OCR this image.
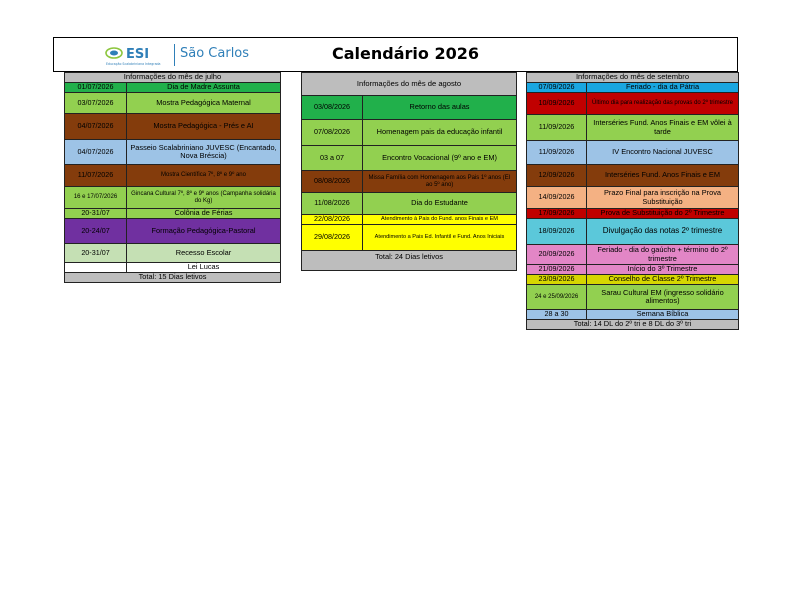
ESI
Educação Scalabriniana Integrada
São Carlos	Calendário 2026
Informações do mês de julho	
01/07/2026	Dia de Madre Assunta
03/07/2026	Mostra Pedagógica Maternal
04/07/2026	Mostra Pedagógica - Prés e AI
04/07/2026	Passeio Scalabriniano JUVESC (Encantado, Nova Bréscia)
11/07/2026	Mostra Científica 7º, 8º e 9º ano
16 e 17/07/2026	Gincana Cultural 7º, 8º e 9º anos (Campanha solidária do Kg)
20-31/07	Colônia de Férias
20-24/07	Formação Pedagógica-Pastoral
20-31/07	Recesso Escolar
	Lei Lucas
Total: 15 Dias letivos	
Informações do mês de agosto	
03/08/2026	Retorno das aulas
07/08/2026	Homenagem pais da educação infantil
03 a 07	Encontro Vocacional (9º ano e EM)
08/08/2026	Missa Família com Homenagem aos Pais 1º anos (EI ao 5º ano)
11/08/2026	Dia do Estudante
22/08/2026	Atendimento à Pais do Fund. anos Finais e EM
29/08/2026	Atendimento a Pais Ed. Infantil e Fund. Anos Iniciais
Total: 24 Dias letivos	
Informações do mês de setembro	
07/09/2026	Feriado - dia da Pátria
10/09/2026	Último dia para realização das provas do 2º trimestre
11/09/2026	Interséries Fund. Anos Finais e EM vôlei à tarde
11/09/2026	IV Encontro Nacional JUVESC
12/09/2026	Interséries Fund. Anos Finais e EM
14/09/2026	Prazo Final para inscrição na Prova Substituição
17/09/2026	Prova de Substituição do 2º Trimestre
18/09/2026	Divulgação das notas 2º trimestre
20/09/2026	Feriado - dia do gaúcho + término do 2º trimestre
21/09/2026	Início do 3º Trimestre
23/09/2026	Conselho de Classe 2º Trimestre
24 e 25/09/2026	Sarau Cultural EM (ingresso solidário alimentos)
28 a 30	Semana Bíblica
Total: 14 DL do 2º tri e 8 DL do 3º tri	
